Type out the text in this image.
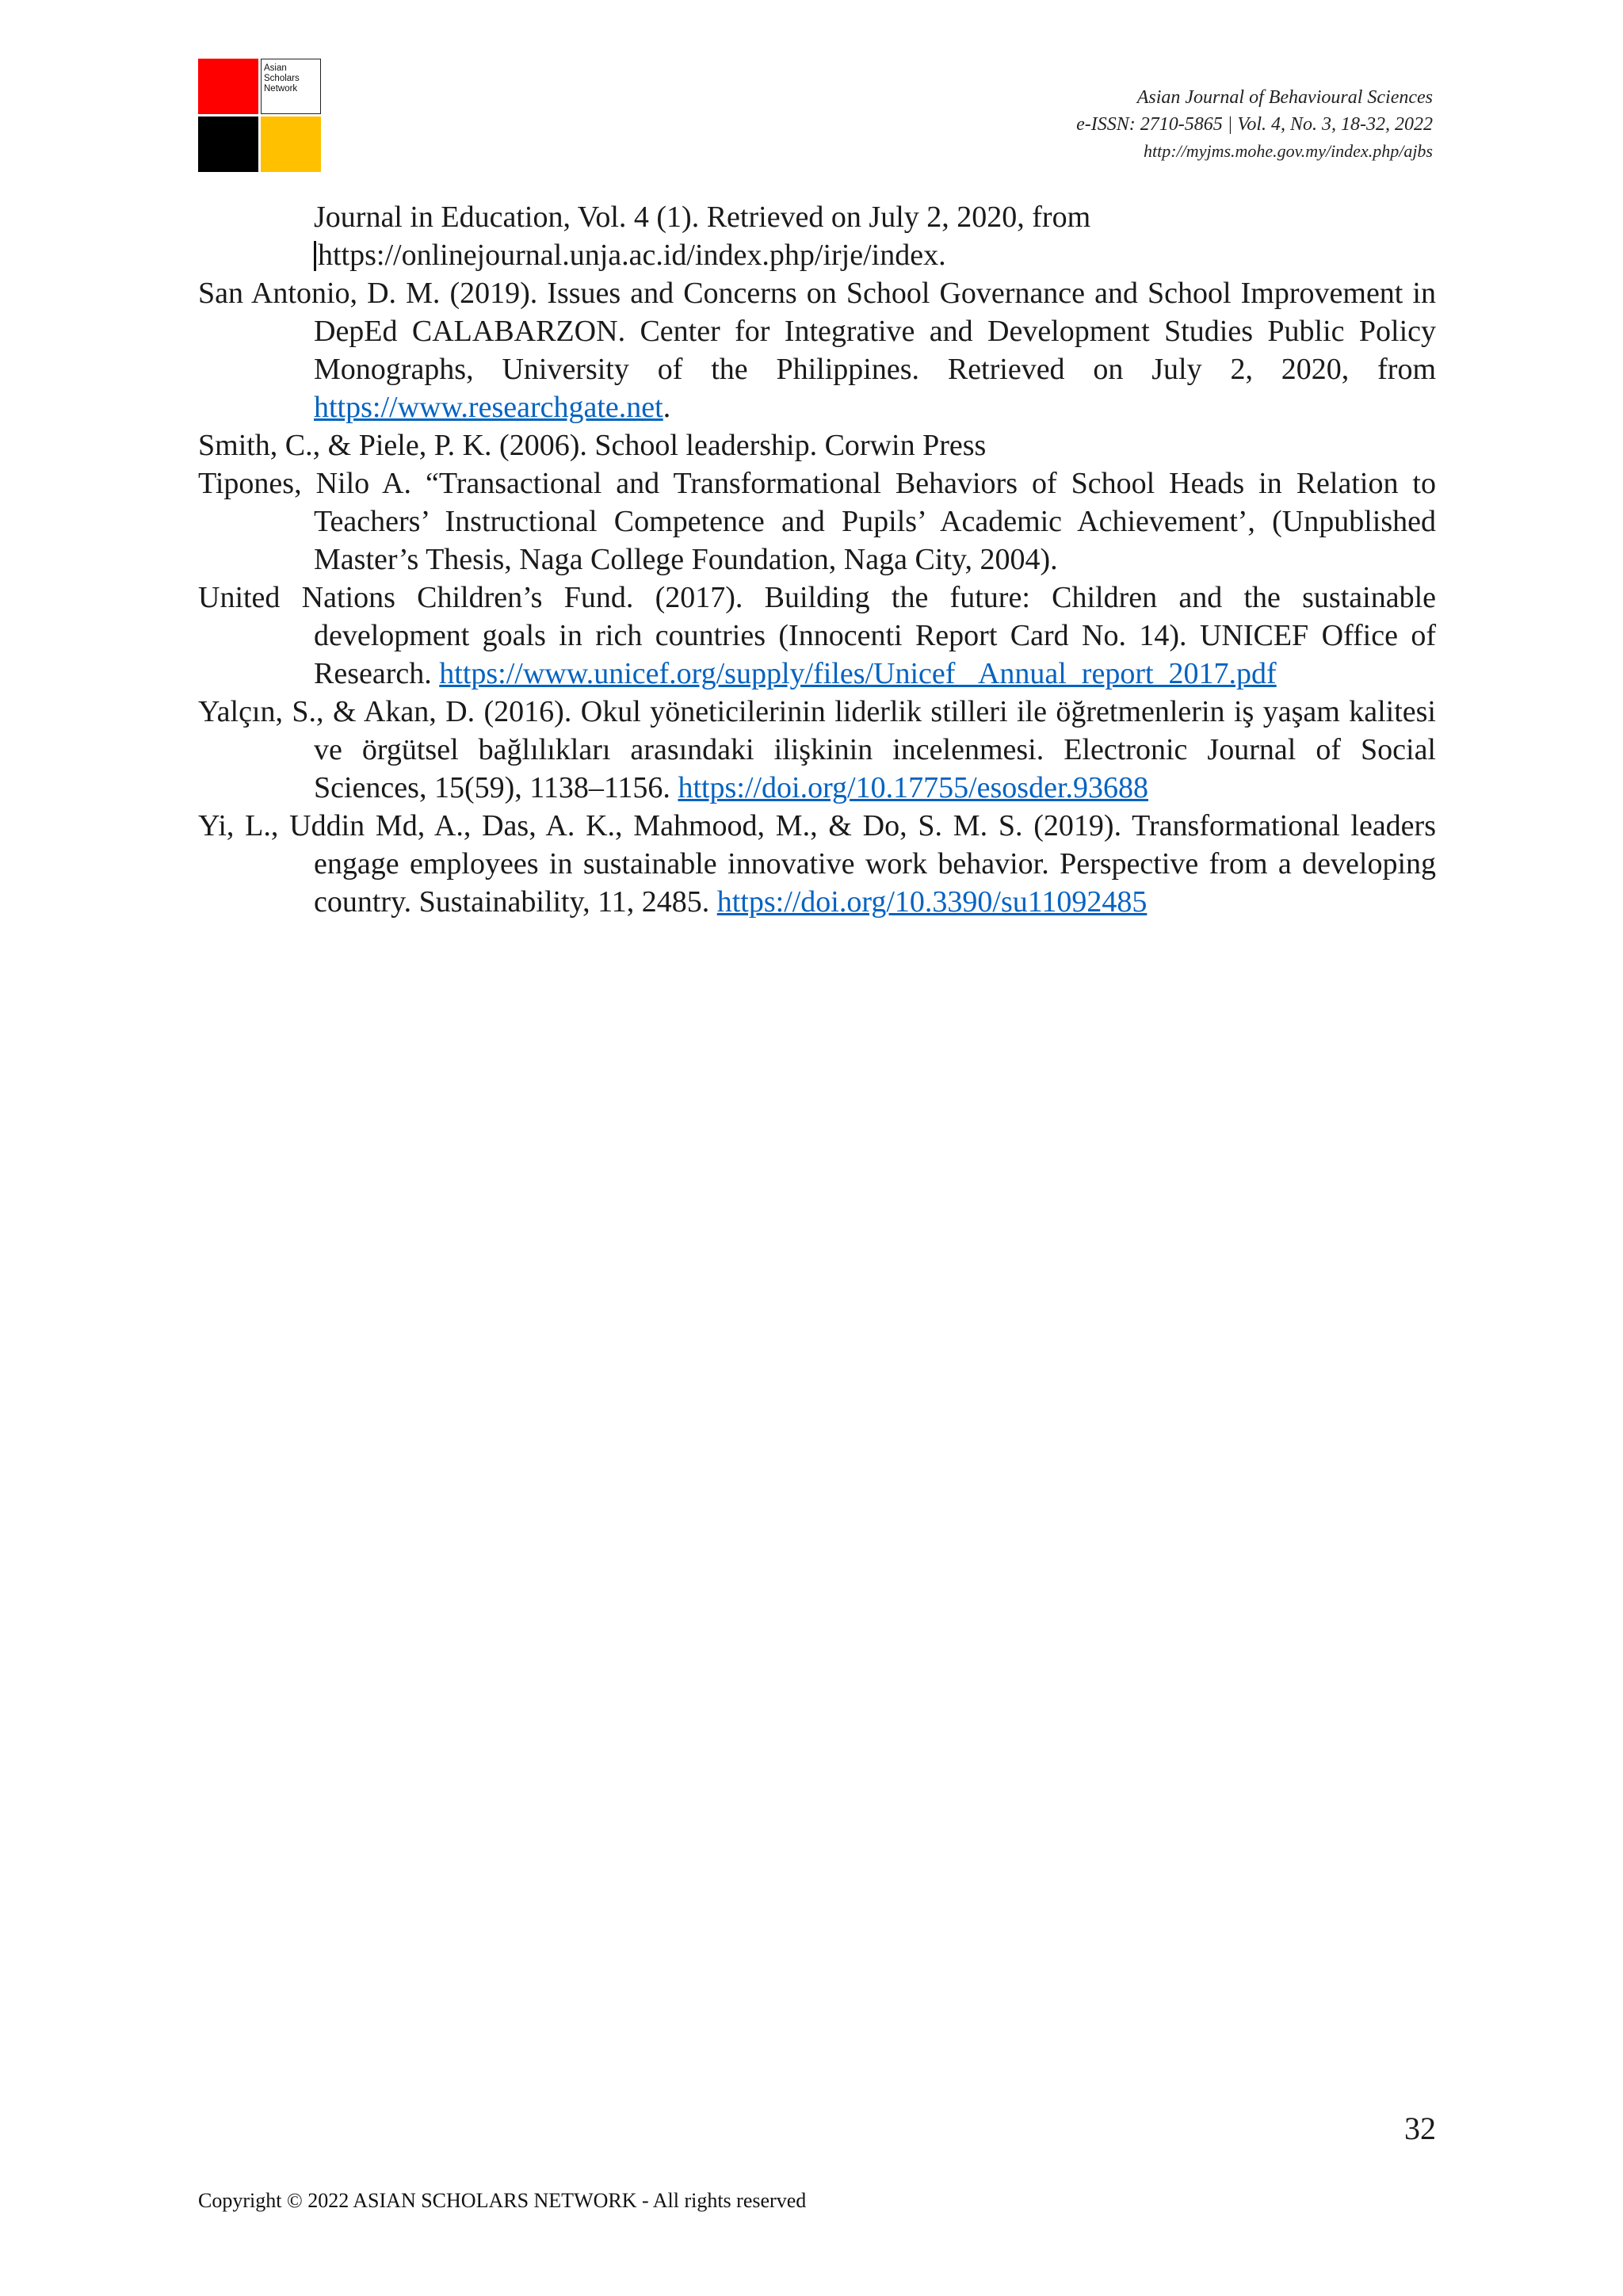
Asian
Scholars
Network	Asian Journal of Behavioural Sciences
e-ISSN: 2710-5865 | Vol. 4, No. 3, 18-32, 2022
http://myjms.mohe.gov.my/index.php/ajbs

Journal in Education, Vol. 4 (1). Retrieved on July 2, 2020, from
https://onlinejournal.unja.ac.id/index.php/irje/index.

San Antonio, D. M. (2019). Issues and Concerns on School Governance and School Improvement in DepEd CALABARZON. Center for Integrative and Development Studies Public Policy Monographs, University of the Philippines. Retrieved on July 2, 2020, from https://www.researchgate.net.

Smith, C., & Piele, P. K. (2006). School leadership. Corwin Press

Tipones, Nilo A. “Transactional and Transformational Behaviors of School Heads in Relation to Teachers’ Instructional Competence and Pupils’ Academic Achievement’, (Unpublished Master’s Thesis, Naga College Foundation, Naga City, 2004).

United Nations Children’s Fund. (2017). Building the future: Children and the sustainable development goals in rich countries (Innocenti Report Card No. 14). UNICEF Office of Research. https://www.unicef.org/supply/files/Unicef _Annual_report_2017.pdf

Yalçın, S., & Akan, D. (2016). Okul yöneticilerinin liderlik stilleri ile öğretmenlerin iş yaşam kalitesi ve örgütsel bağlılıkları arasındaki ilişkinin incelenmesi. Electronic Journal of Social Sciences, 15(59), 1138–1156. https://doi.org/10.17755/esosder.93688

Yi, L., Uddin Md, A., Das, A. K., Mahmood, M., & Do, S. M. S. (2019). Transformational leaders engage employees in sustainable innovative work behavior. Perspective from a developing country. Sustainability, 11, 2485. https://doi.org/10.3390/su11092485

32
Copyright © 2022 ASIAN SCHOLARS NETWORK - All rights reserved
